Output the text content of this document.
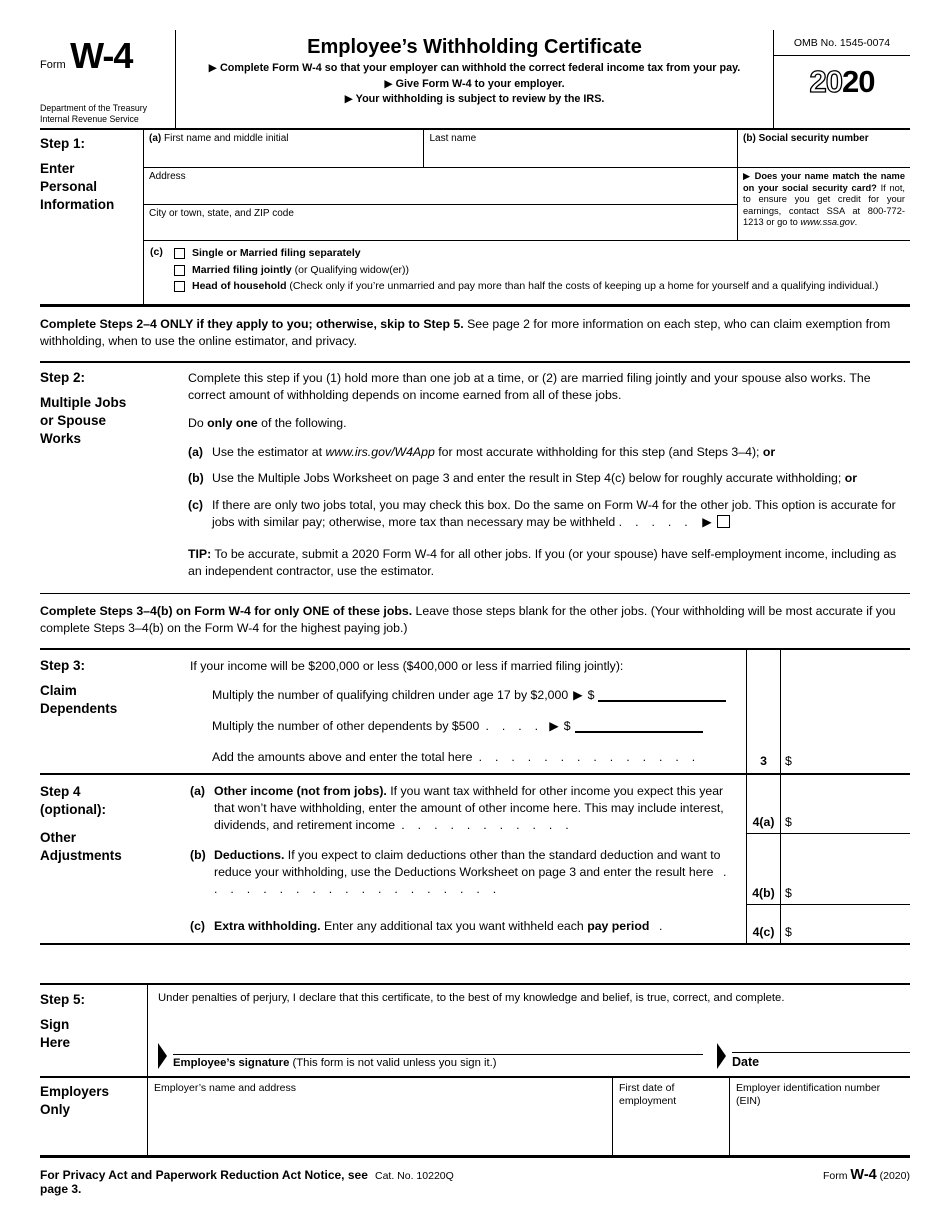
Form W-4
Department of the Treasury
Internal Revenue Service
Employee’s Withholding Certificate
▶ Complete Form W-4 so that your employer can withhold the correct federal income tax from your pay.
▶ Give Form W-4 to your employer.
▶ Your withholding is subject to review by the IRS.
OMB No. 1545-0074
2020
Step 1:
Enter
Personal
Information
(a) First name and middle initial	Last name
Address
City or town, state, and ZIP code
(b) Social security number
▶ Does your name match the name on your social security card? If not, to ensure you get credit for your earnings, contact SSA at 800-772-1213 or go to www.ssa.gov.
(c)	Single or Married filing separately
Married filing jointly (or Qualifying widow(er))
Head of household (Check only if you’re unmarried and pay more than half the costs of keeping up a home for yourself and a qualifying individual.)
Complete Steps 2–4 ONLY if they apply to you; otherwise, skip to Step 5. See page 2 for more information on each step, who can claim exemption from withholding, when to use the online estimator, and privacy.
Step 2:
Multiple Jobs
or Spouse
Works

Complete this step if you (1) hold more than one job at a time, or (2) are married filing jointly and your spouse also works. The correct amount of withholding depends on income earned from all of these jobs.

Do only one of the following.

(a) Use the estimator at www.irs.gov/W4App for most accurate withholding for this step (and Steps 3–4); or
(b) Use the Multiple Jobs Worksheet on page 3 and enter the result in Step 4(c) below for roughly accurate withholding; or
(c) If there are only two jobs total, you may check this box. Do the same on Form W-4 for the other job. This option is accurate for jobs with similar pay; otherwise, more tax than necessary may be withheld .   .   .   .   .  ▶
TIP: To be accurate, submit a 2020 Form W-4 for all other jobs. If you (or your spouse) have self-employment income, including as an independent contractor, use the estimator.
Complete Steps 3–4(b) on Form W-4 for only ONE of these jobs. Leave those steps blank for the other jobs. (Your withholding will be most accurate if you complete Steps 3–4(b) on the Form W-4 for the highest paying job.)
Step 3:
Claim
Dependents
If your income will be $200,000 or less ($400,000 or less if married filing jointly):
Multiply the number of qualifying children under age 17 by $2,000 ▶ $
Multiply the number of other dependents by $500  .   .   .   .  ▶ $
Add the amounts above and enter the total here  .   .   .   .   .   .   .   .   .   .   .   .   .   .	3	$
Step 4
(optional):
Other
Adjustments
(a) Other income (not from jobs). If you want tax withheld for other income you expect this year that won’t have withholding, enter the amount of other income here. This may include interest, dividends, and retirement income .   .   .   .   .   .   .   .   .   .   .	4(a) $
(b) Deductions. If you expect to claim deductions other than the standard deduction and want to reduce your withholding, use the Deductions Worksheet on page 3 and enter the result here  .   .   .   .   .   .   .   .   .   .   .   .   .   .   .   .   .   .   .	4(b) $
(c) Extra withholding. Enter any additional tax you want withheld each pay period  .	4(c) $
Step 5:
Sign
Here
Under penalties of perjury, I declare that this certificate, to the best of my knowledge and belief, is true, correct, and complete.
Employee’s signature (This form is not valid unless you sign it.)	Date
Employers
Only
Employer’s name and address	First date of employment
Employer identification number (EIN)
For Privacy Act and Paperwork Reduction Act Notice, see page 3.
Cat. No. 10220Q	Form W-4 (2020)
